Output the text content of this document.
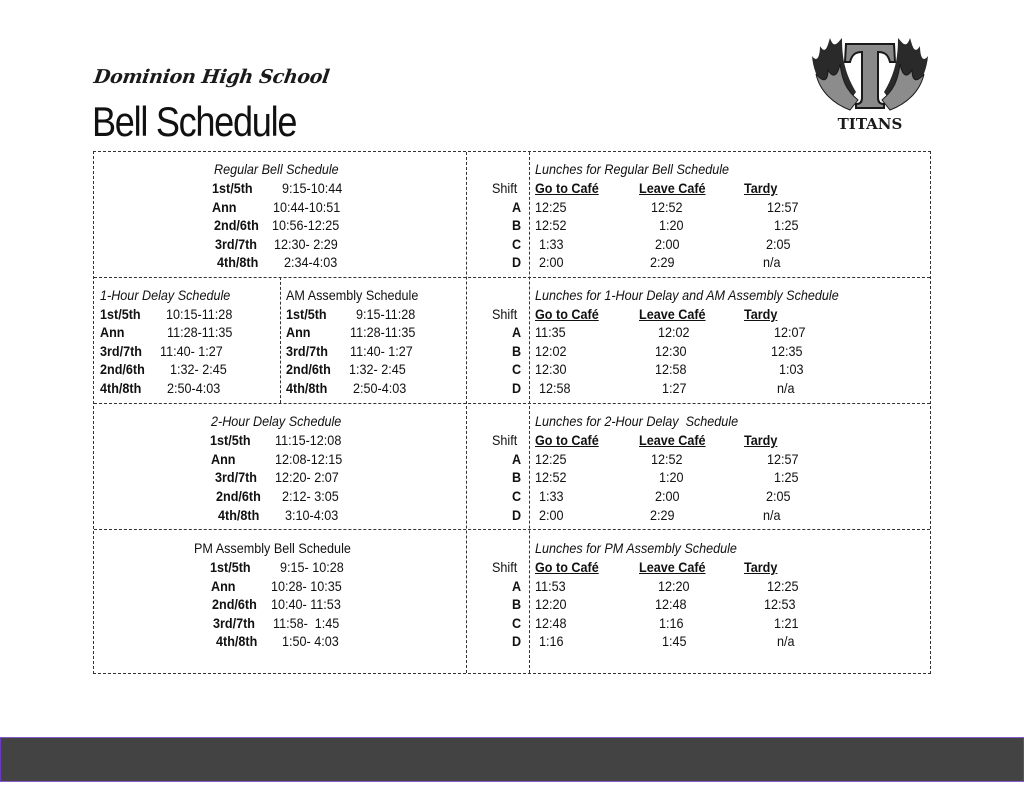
Dominion High School
Bell Schedule	TITANS
Regular Bell Schedule
1st/5th 9:15-10:44
Ann	10:44-10:51
2nd/6th 10:56-12:25
3rd/7th 12:30- 2:29
4th/8th 2:34-4:03
Lunches for Regular Bell Schedule
Shift Go to Café	Leave Café	Tardy
A 12:25	12:52	12:57
B 12:52	1:20	1:25
C 1:33	2:00	2:05
D 2:00	2:29	n/a
1-Hour Delay Schedule
1st/5th 10:15-11:28
Ann	11:28-11:35
3rd/7th 11:40- 1:27
2nd/6th 1:32- 2:45
4th/8th 2:50-4:03
AM Assembly Schedule
1st/5th 9:15-11:28
Ann	11:28-11:35
3rd/7th 11:40- 1:27
2nd/6th 1:32- 2:45
4th/8th 2:50-4:03
Lunches for 1-Hour Delay and AM Assembly Schedule
Shift Go to Café	Leave Café	Tardy
A 11:35	12:02	12:07
B 12:02	12:30	12:35
C 12:30	12:58	1:03
D 12:58	1:27	n/a
2-Hour Delay Schedule
1st/5th 11:15-12:08
Ann	12:08-12:15
3rd/7th 12:20- 2:07
2nd/6th 2:12- 3:05
4th/8th 3:10-4:03
Lunches for 2-Hour Delay  Schedule
Shift Go to Café	Leave Café	Tardy
A 12:25	12:52	12:57
B 12:52	1:20	1:25
C 1:33	2:00	2:05
D 2:00	2:29	n/a
PM Assembly Bell Schedule
1st/5th 9:15- 10:28
Ann	10:28- 10:35
2nd/6th 10:40- 11:53
3rd/7th 11:58-  1:45
4th/8th 1:50- 4:03
Lunches for PM Assembly Schedule
Shift Go to Café	Leave Café	Tardy
A 11:53	12:20	12:25
B 12:20	12:48	12:53
C 12:48	1:16	1:21
D 1:16	1:45	n/a
